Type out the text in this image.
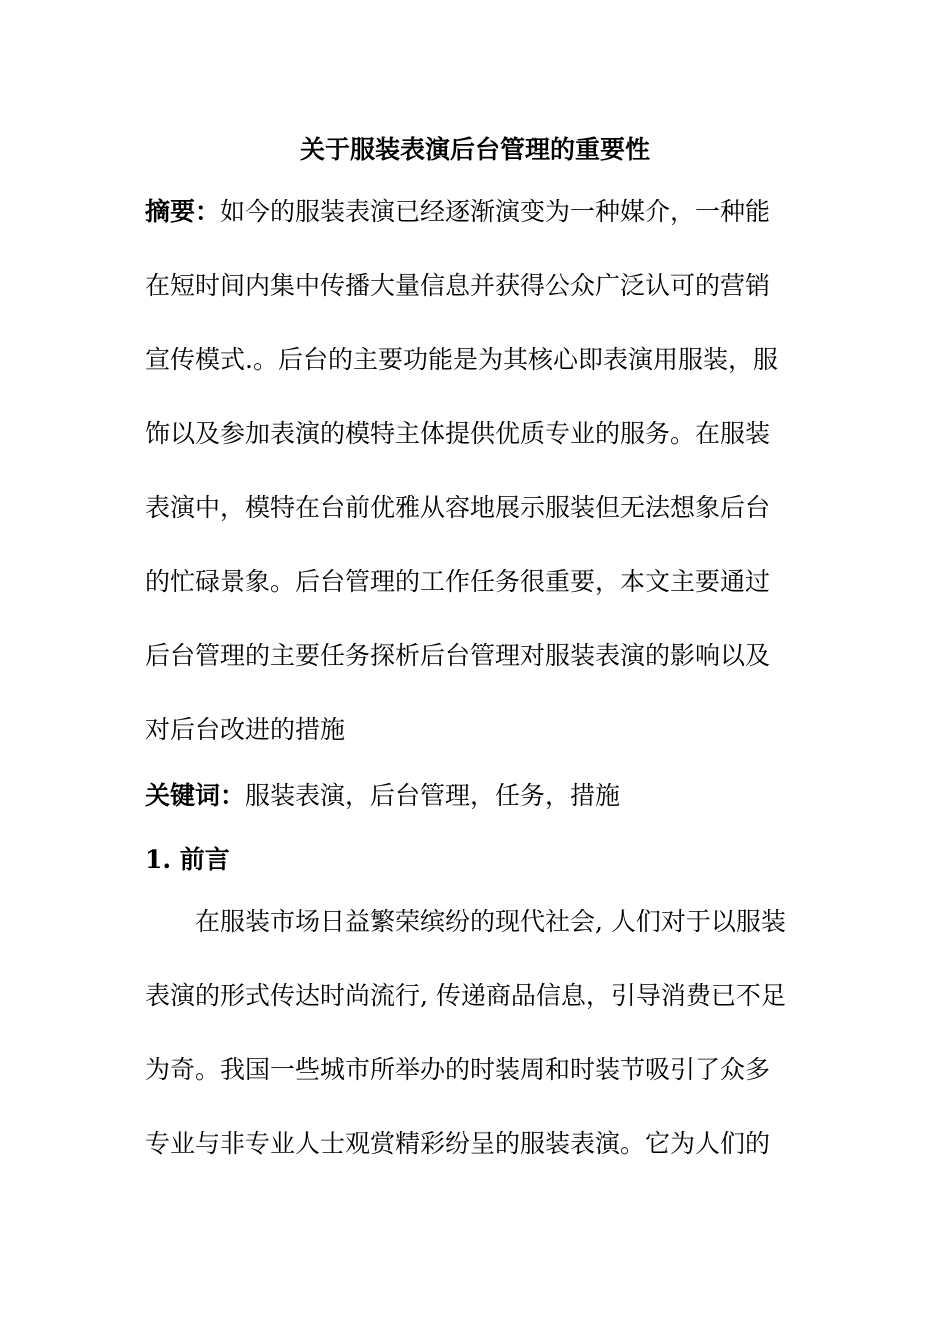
关于服装表演后台管理的重要性
摘要：如今的服装表演已经逐渐演变为一种媒介，一种能
在短时间内集中传播大量信息并获得公众广泛认可的营销
宣传模式.。后台的主要功能是为其核心即表演用服装，服
饰以及参加表演的模特主体提供优质专业的服务。在服装
表演中，模特在台前优雅从容地展示服装但无法想象后台
的忙碌景象。后台管理的工作任务很重要，本文主要通过
后台管理的主要任务探析后台管理对服装表演的影响以及
对后台改进的措施
关键词：服装表演，后台管理，任务，措施
1. 前言
在服装市场日益繁荣缤纷的现代社会, 人们对于以服装
表演的形式传达时尚流行, 传递商品信息，引导消费已不足
为奇。我国一些城市所举办的时装周和时装节吸引了众多
专业与非专业人士观赏精彩纷呈的服装表演。它为人们的
